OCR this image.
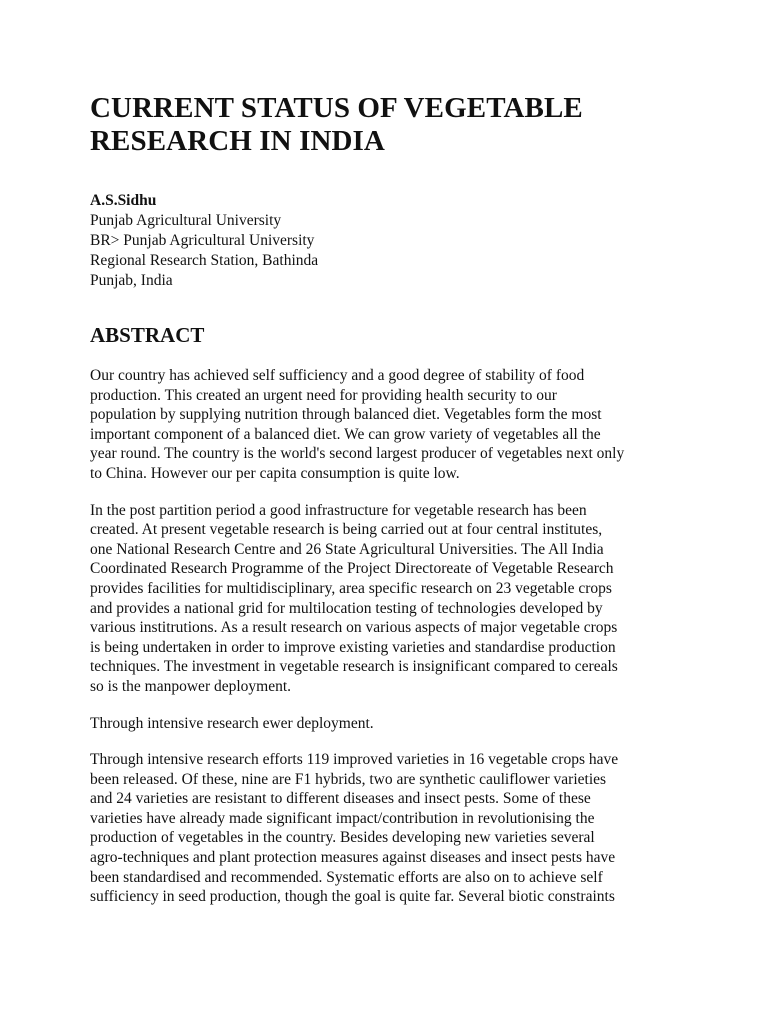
CURRENT STATUS OF VEGETABLE
RESEARCH IN INDIA
A.S.Sidhu
Punjab Agricultural University
BR> Punjab Agricultural University
Regional Research Station, Bathinda
Punjab, India
ABSTRACT

Our country has achieved self sufficiency and a good degree of stability of food
production. This created an urgent need for providing health security to our
population by supplying nutrition through balanced diet. Vegetables form the most
important component of a balanced diet. We can grow variety of vegetables all the
year round. The country is the world's second largest producer of vegetables next only
to China. However our per capita consumption is quite low.

In the post partition period a good infrastructure for vegetable research has been
created. At present vegetable research is being carried out at four central institutes,
one National Research Centre and 26 State Agricultural Universities. The All India
Coordinated Research Programme of the Project Directoreate of Vegetable Research
provides facilities for multidisciplinary, area specific research on 23 vegetable crops
and provides a national grid for multilocation testing of technologies developed by
various institrutions. As a result research on various aspects of major vegetable crops
is being undertaken in order to improve existing varieties and standardise production
techniques. The investment in vegetable research is insignificant compared to cereals
so is the manpower deployment.

Through intensive research ewer deployment.

Through intensive research efforts 119 improved varieties in 16 vegetable crops have
been released. Of these, nine are F1 hybrids, two are synthetic cauliflower varieties
and 24 varieties are resistant to different diseases and insect pests. Some of these
varieties have already made significant impact/contribution in revolutionising the
production of vegetables in the country. Besides developing new varieties several
agro-techniques and plant protection measures against diseases and insect pests have
been standardised and recommended. Systematic efforts are also on to achieve self
sufficiency in seed production, though the goal is quite far. Several biotic constraints
